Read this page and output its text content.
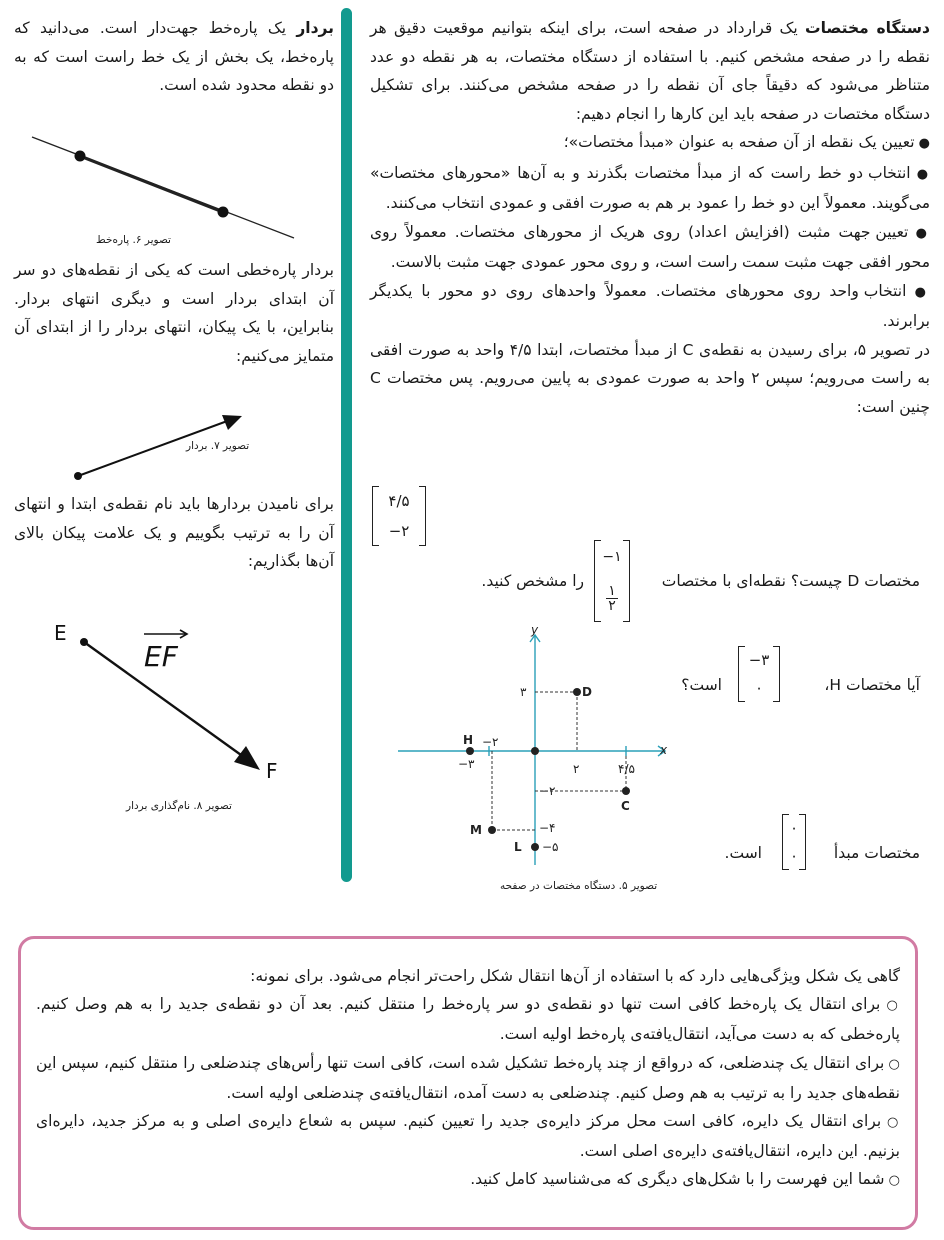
دستگاه مختصات یک قرارداد در صفحه است، برای اینکه بتوانیم موقعیت دقیق هر نقطه را در صفحه مشخص کنیم. با استفاده از دستگاه مختصات، به هر نقطه دو عدد متناظر می‌شود که دقیقاً جای آن نقطه را در صفحه مشخص می‌کنند. برای تشکیل دستگاه مختصات در صفحه باید این کارها را انجام دهیم:

● تعیین یک نقطه از آن صفحه به عنوان «مبدأ مختصات»؛

● انتخاب دو خط راست که از مبدأ مختصات بگذرند و به آن‌ها «محورهای مختصات» می‌گویند. معمولاً این دو خط را عمود بر هم به صورت افقی و عمودی انتخاب می‌کنند.

● تعیین جهت مثبت (افزایش اعداد) روی هریک از محورهای مختصات. معمولاً روی محور افقی جهت مثبت سمت راست است، و روی محور عمودی جهت مثبت بالاست.

● انتخاب واحد روی محورهای مختصات. معمولاً واحدهای روی دو محور با یکدیگر برابرند.

در تصویر ۵، برای رسیدن به نقطه‌ی C از مبدأ مختصات، ابتدا ۴/۵ واحد به صورت افقی به راست می‌رویم؛ سپس ۲ واحد به صورت عمودی به پایین می‌رویم. پس مختصات C چنین است:

۴/۵
−۲
مختصات D چیست؟ نقطه‌ای با مختصات
−۱
۱
۲
را مشخص کنید.
آیا مختصات H،
−۳
۰
است؟
مختصات مبدأ
۰
۰
است.
x
y
D
C
H
M
L
۳
۲	۴/۵
−۲
−۲
−۳
−۴
−۵
تصویر ۵. دستگاه مختصات در صفحه

بردار یک پاره‌خط جهت‌دار است. می‌دانید که پاره‌خط، یک بخش از یک خط راست است که به دو نقطه محدود شده است.

تصویر ۶. پاره‌خط

بردار پاره‌خطی است که یکی از نقطه‌های دو سر آن ابتدای بردار است و دیگری انتهای بردار. بنابراین، با یک پیکان، انتهای بردار را از ابتدای آن متمایز می‌کنیم:

تصویر ۷. بردار

برای نامیدن بردارها باید نام نقطه‌ی ابتدا و انتهای آن را به ترتیب بگوییم و یک علامت پیکان بالای آن‌ها بگذاریم:

E
F
EF
تصویر ۸. نام‌گذاری بردار

گاهی یک شکل ویژگی‌هایی دارد که با استفاده از آن‌ها انتقال شکل راحت‌تر انجام می‌شود. برای نمونه:

○ برای انتقال یک پاره‌خط کافی است تنها دو نقطه‌ی دو سر پاره‌خط را منتقل کنیم. بعد آن دو نقطه‌ی جدید را به هم وصل کنیم. پاره‌خطی که به دست می‌آید، انتقال‌یافته‌ی پاره‌خط اولیه است.

○ برای انتقال یک چندضلعی، که درواقع از چند پاره‌خط تشکیل شده است، کافی است تنها رأس‌های چندضلعی را منتقل کنیم، سپس این نقطه‌های جدید را به ترتیب به هم وصل کنیم. چندضلعی به دست آمده، انتقال‌یافته‌ی چندضلعی اولیه است.

○ برای انتقال یک دایره، کافی است محل مرکز دایره‌ی جدید را تعیین کنیم. سپس به شعاع دایره‌ی اصلی و به مرکز جدید، دایره‌ای بزنیم. این دایره، انتقال‌یافته‌ی دایره‌ی اصلی است.

○ شما این فهرست را با شکل‌های دیگری که می‌شناسید کامل کنید.
